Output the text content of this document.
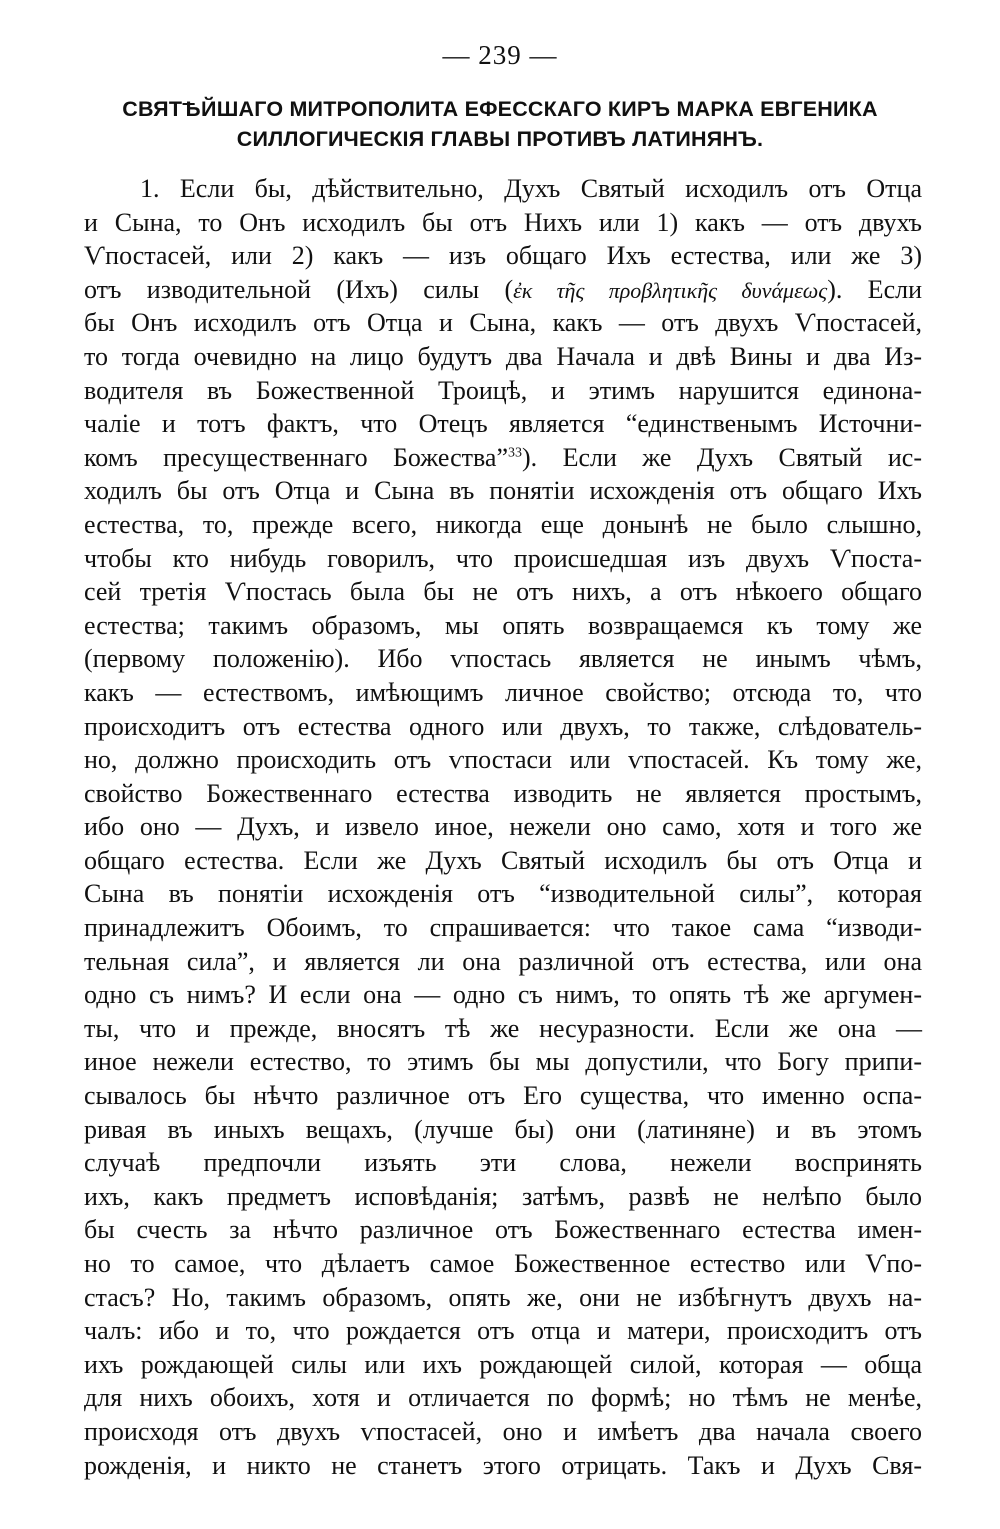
— 239 —
СВЯТѢЙШАГО МИТРОПОЛИТА ЕФЕССКАГО КИРЪ МАРКА ЕВГЕНИКА
СИЛЛОГИЧЕСКІЯ ГЛАВЫ ПРОТИВЪ ЛАТИНЯНЪ.
1. Если бы, дѣйствительно, Духъ Святый исходилъ отъ Отца
и Сына, то Онъ исходилъ бы отъ Нихъ или 1) какъ — отъ двухъ
Ѵпостасей, или 2) какъ — изъ общаго Ихъ естества, или же 3)
отъ изводительной (Ихъ) силы (ἐκ τῆς προβλητικῆς δυνάμεως). Если
бы Онъ исходилъ отъ Отца и Сына, какъ — отъ двухъ Ѵпостасей,
то тогда очевидно на лицо будутъ два Начала и двѣ Вины и два Из-
водителя въ Божественной Троицѣ, и этимъ нарушится единона-
чаліе и тотъ фактъ, что Отецъ является “единственымъ Источни-
комъ пресущественнаго Божества”$^{33}$). Если же Духъ Святый ис-
ходилъ бы отъ Отца и Сына въ понятіи исхожденія отъ общаго Ихъ
естества, то, прежде всего, никогда еще донынѣ не было слышно,
чтобы кто нибудь говорилъ, что происшедшая изъ двухъ Ѵпоста-
сей третія Ѵпостась была бы не отъ нихъ, а отъ нѣкоего общаго
естества; такимъ образомъ, мы опять возвращаемся къ тому же
(первому положенію). Ибо ѵпостась является не инымъ чѣмъ,
какъ — естествомъ, имѣющимъ личное свойство; отсюда то, что
происходитъ отъ естества одного или двухъ, то также, слѣдователь-
но, должно происходить отъ ѵпостаси или ѵпостасей. Къ тому же,
свойство Божественнаго естества изводить не является простымъ,
ибо оно — Духъ, и извело иное, нежели оно само, хотя и того же
общаго естества. Если же Духъ Святый исходилъ бы отъ Отца и
Сына въ понятіи исхожденія отъ “изводительной силы”, которая
принадлежитъ Обоимъ, то спрашивается: что такое сама “изводи-
тельная сила”, и является ли она различной отъ естества, или она
одно съ нимъ? И если она — одно съ нимъ, то опять тѣ же аргумен-
ты, что и прежде, вносятъ тѣ же несуразности. Если же она —
иное нежели естество, то этимъ бы мы допустили, что Богу припи-
сывалось бы нѣчто различное отъ Его существа, что именно оспа-
ривая въ иныхъ вещахъ, (лучше бы) они (латиняне) и въ этомъ
случаѣ предпочли изъять эти слова, нежели воспринять
ихъ, какъ предметъ исповѣданія; затѣмъ, развѣ не нелѣпо было
бы счесть за нѣчто различное отъ Божественнаго естества имен-
но то самое, что дѣлаетъ самое Божественное естество или Ѵпо-
стасъ? Но, такимъ образомъ, опять же, они не избѣгнутъ двухъ на-
чалъ: ибо и то, что рождается отъ отца и матери, происходитъ отъ
ихъ рождающей силы или ихъ рождающей силой, которая — обща
для нихъ обоихъ, хотя и отличается по формѣ; но тѣмъ не менѣе,
происходя отъ двухъ ѵпостасей, оно и имѣетъ два начала своего
рожденія, и никто не станетъ этого отрицать. Такъ и Духъ Свя-
